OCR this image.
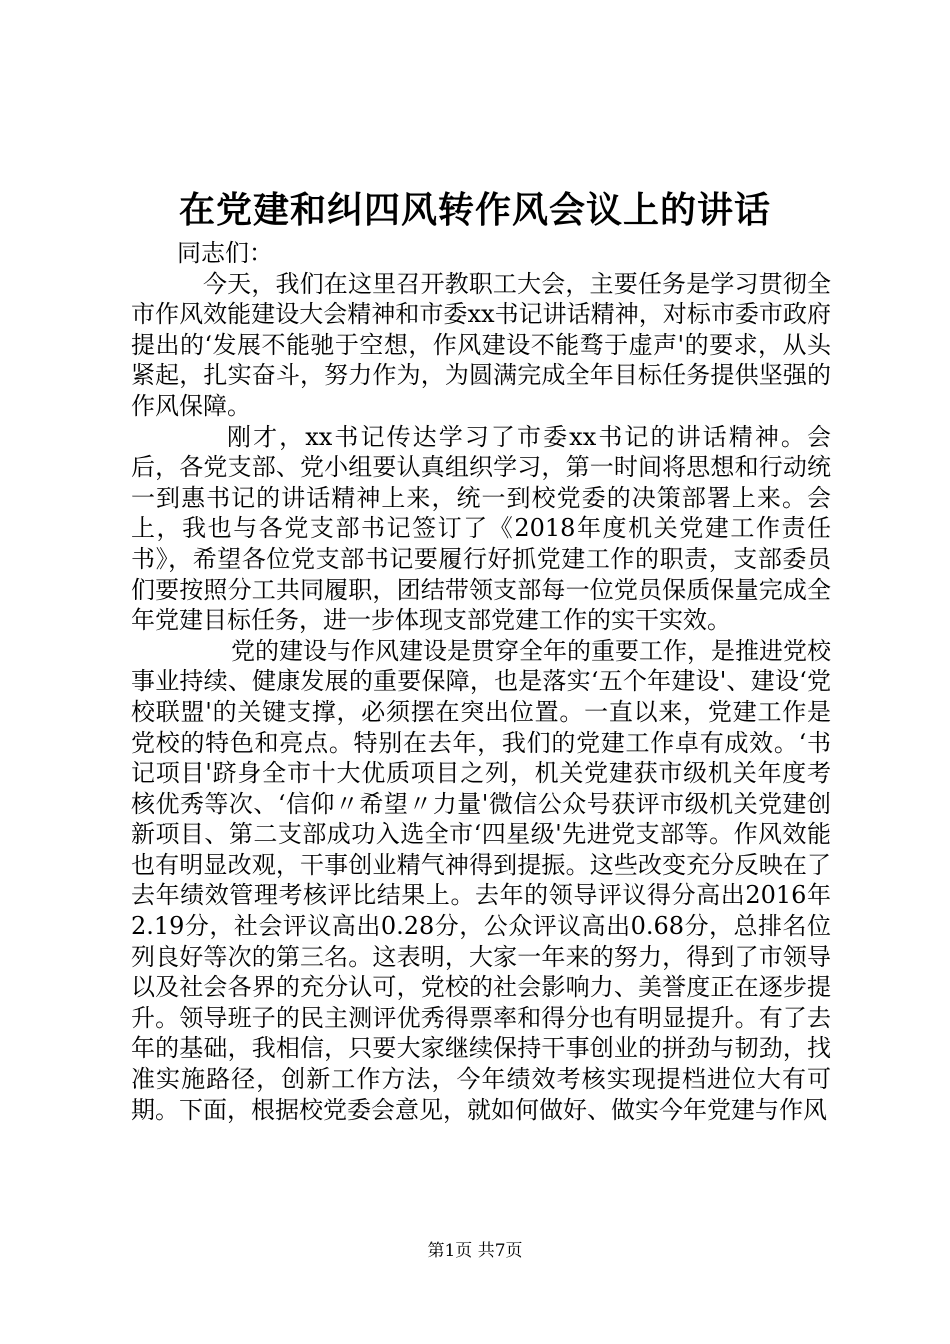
在党建和纠四风转作风会议上的讲话

同志们：

今天，我们在这里召开教职工大会，主要任务是学习贯彻全市作风效能建设大会精神和市委xx书记讲话精神，对标市委市政府提出的‘发展不能驰于空想，作风建设不能骛于虚声'的要求，从头紧起，扎实奋斗，努力作为，为圆满完成全年目标任务提供坚强的作风保障。

刚才，xx书记传达学习了市委xx书记的讲话精神。会后，各党支部、党小组要认真组织学习，第一时间将思想和行动统一到惠书记的讲话精神上来，统一到校党委的决策部署上来。会上，我也与各党支部书记签订了《2018年度机关党建工作责任书》，希望各位党支部书记要履行好抓党建工作的职责，支部委员们要按照分工共同履职，团结带领支部每一位党员保质保量完成全年党建目标任务，进一步体现支部党建工作的实干实效。

党的建设与作风建设是贯穿全年的重要工作，是推进党校事业持续、健康发展的重要保障，也是落实‘五个年建设'、建设‘党校联盟'的关键支撑，必须摆在突出位置。一直以来，党建工作是党校的特色和亮点。特别在去年，我们的党建工作卓有成效。‘书记项目'跻身全市十大优质项目之列，机关党建获市级机关年度考核优秀等次、‘信仰〃希望〃力量'微信公众号获评市级机关党建创新项目、第二支部成功入选全市‘四星级'先进党支部等。作风效能也有明显改观，干事创业精气神得到提振。这些改变充分反映在了去年绩效管理考核评比结果上。去年的领导评议得分高出2016年2.19分，社会评议高出0.28分，公众评议高出0.68分，总排名位列良好等次的第三名。这表明，大家一年来的努力，得到了市领导以及社会各界的充分认可，党校的社会影响力、美誉度正在逐步提升。领导班子的民主测评优秀得票率和得分也有明显提升。有了去年的基础，我相信，只要大家继续保持干事创业的拼劲与韧劲，找准实施路径，创新工作方法，今年绩效考核实现提档进位大有可期。下面，根据校党委会意见，就如何做好、做实今年党建与作风

第1页 共7页
